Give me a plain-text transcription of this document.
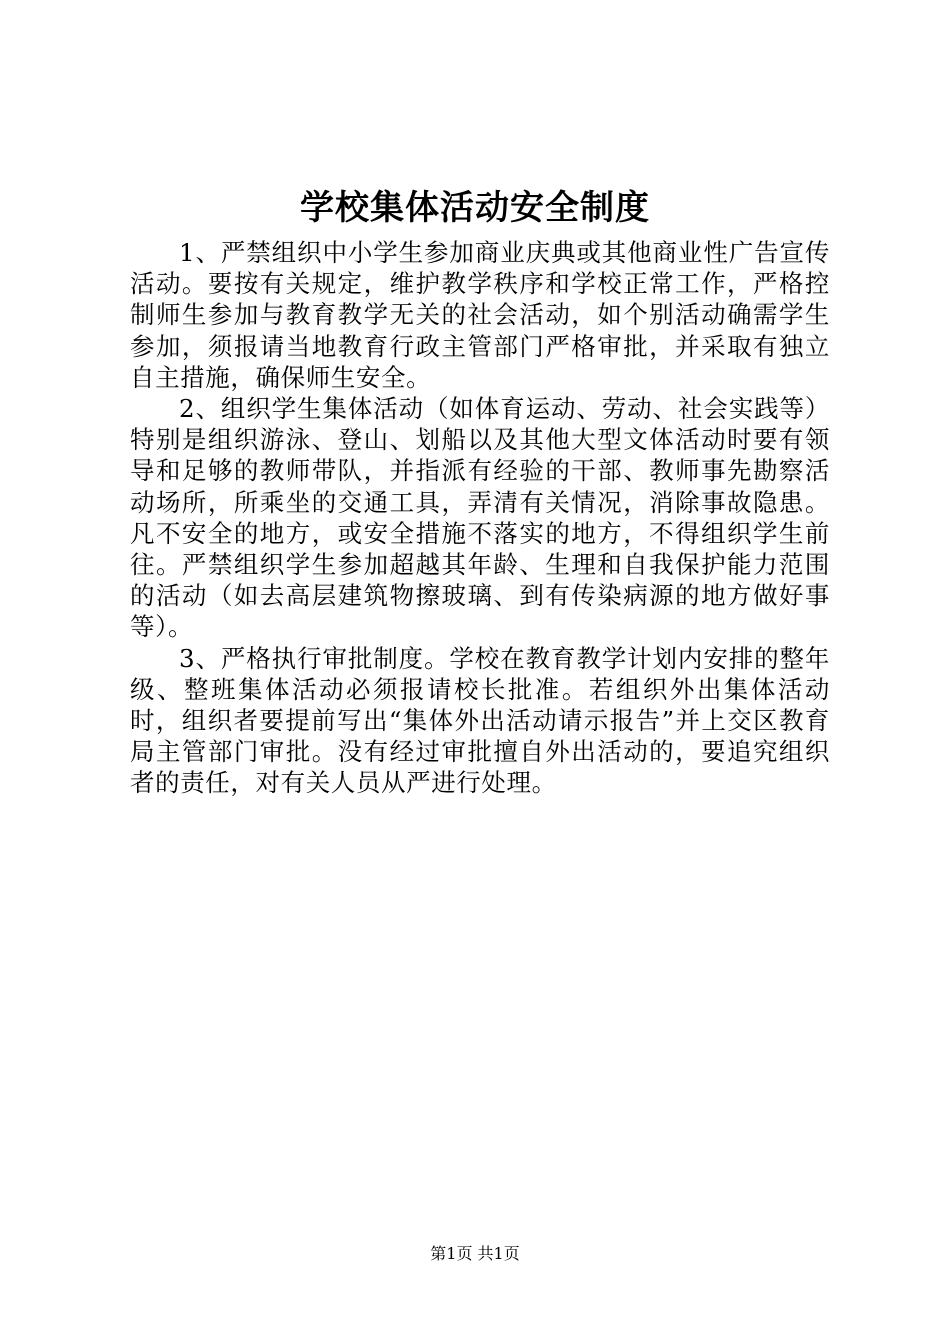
学校集体活动安全制度

1、严禁组织中小学生参加商业庆典或其他商业性广告宣传活动。要按有关规定，维护教学秩序和学校正常工作，严格控制师生参加与教育教学无关的社会活动，如个别活动确需学生参加，须报请当地教育行政主管部门严格审批，并采取有独立自主措施，确保师生安全。

2、组织学生集体活动（如体育运动、劳动、社会实践等）特别是组织游泳、登山、划船以及其他大型文体活动时要有领导和足够的教师带队，并指派有经验的干部、教师事先勘察活动场所，所乘坐的交通工具，弄清有关情况，消除事故隐患。凡不安全的地方，或安全措施不落实的地方，不得组织学生前往。严禁组织学生参加超越其年龄、生理和自我保护能力范围的活动（如去高层建筑物擦玻璃、到有传染病源的地方做好事等）。

3、严格执行审批制度。学校在教育教学计划内安排的整年级、整班集体活动必须报请校长批准。若组织外出集体活动时，组织者要提前写出“集体外出活动请示报告”并上交区教育局主管部门审批。没有经过审批擅自外出活动的，要追究组织者的责任，对有关人员从严进行处理。

第1页 共1页
